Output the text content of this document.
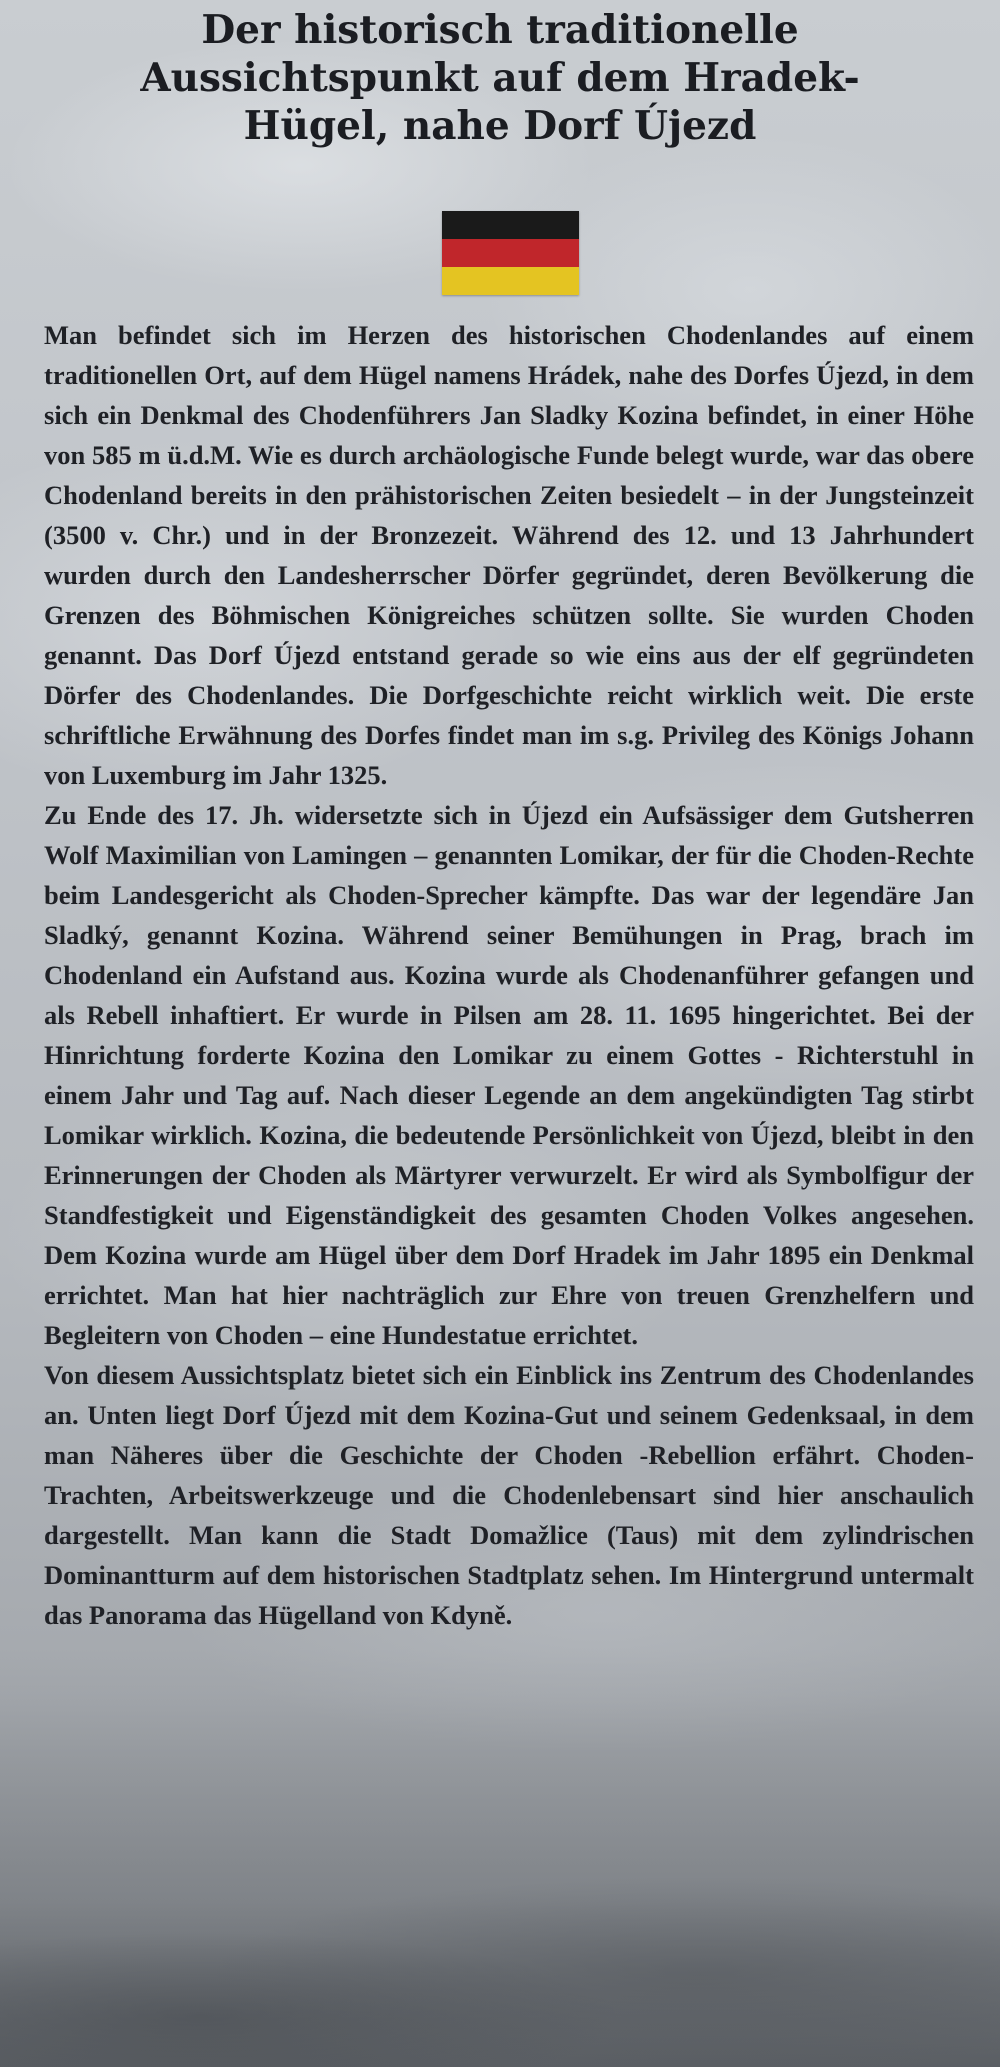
Der historisch traditionelle
Aussichtspunkt auf dem Hradek-
Hügel, nahe Dorf Újezd

Man befindet sich im Herzen des historischen Chodenlandes auf einem traditionellen Ort, auf dem Hügel namens Hrádek, nahe des Dorfes Újezd, in dem sich ein Denkmal des Chodenführers Jan Sladky Kozina befindet, in einer Höhe von 585 m ü.d.M. Wie es durch archäologische Funde belegt wurde, war das obere Chodenland bereits in den prähistorischen Zeiten besiedelt – in der Jungsteinzeit (3500 v. Chr.) und in der Bronzezeit. Während des 12. und 13 Jahrhundert wurden durch den Landesherrscher Dörfer gegründet, deren Bevölkerung die Grenzen des Böhmischen Königreiches schützen sollte. Sie wurden Choden genannt. Das Dorf Újezd entstand gerade so wie eins aus der elf gegründeten Dörfer des Chodenlandes. Die Dorfgeschichte reicht wirklich weit. Die erste schriftliche Erwähnung des Dorfes findet man im s.g. Privileg des Königs Johann von Luxemburg im Jahr 1325.

Zu Ende des 17. Jh. widersetzte sich in Újezd ein Aufsässiger dem Gutsherren Wolf Maximilian von Lamingen – genannten Lomikar, der für die Choden-Rechte beim Landesgericht als Choden-Sprecher kämpfte. Das war der legendäre Jan Sladký, genannt Kozina. Während seiner Bemühungen in Prag, brach im Chodenland ein Aufstand aus. Kozina wurde als Chodenanführer gefangen und als Rebell inhaftiert. Er wurde in Pilsen am 28. 11. 1695 hingerichtet. Bei der Hinrichtung forderte Kozina den Lomikar zu einem Gottes - Richterstuhl in einem Jahr und Tag auf. Nach dieser Legende an dem angekündigten Tag stirbt Lomikar wirklich. Kozina, die bedeutende Persönlichkeit von Újezd, bleibt in den Erinnerungen der Choden als Märtyrer verwurzelt. Er wird als Symbolfigur der Standfestigkeit und Eigenständigkeit des gesamten Choden Volkes angesehen. Dem Kozina wurde am Hügel über dem Dorf Hradek im Jahr 1895 ein Denkmal errichtet. Man hat hier nachträglich zur Ehre von treuen Grenzhelfern und Begleitern von Choden – eine Hundestatue errichtet.

Von diesem Aussichtsplatz bietet sich ein Einblick ins Zentrum des Chodenlandes an. Unten liegt Dorf Újezd mit dem Kozina-Gut und seinem Gedenksaal, in dem man Näheres über die Geschichte der Choden -Rebellion erfährt. Choden-Trachten, Arbeitswerkzeuge und die Chodenlebensart sind hier anschaulich dargestellt. Man kann die Stadt Domažlice (Taus) mit dem zylindrischen Dominantturm auf dem historischen Stadtplatz sehen. Im Hintergrund untermalt das Panorama das Hügelland von Kdyně.
